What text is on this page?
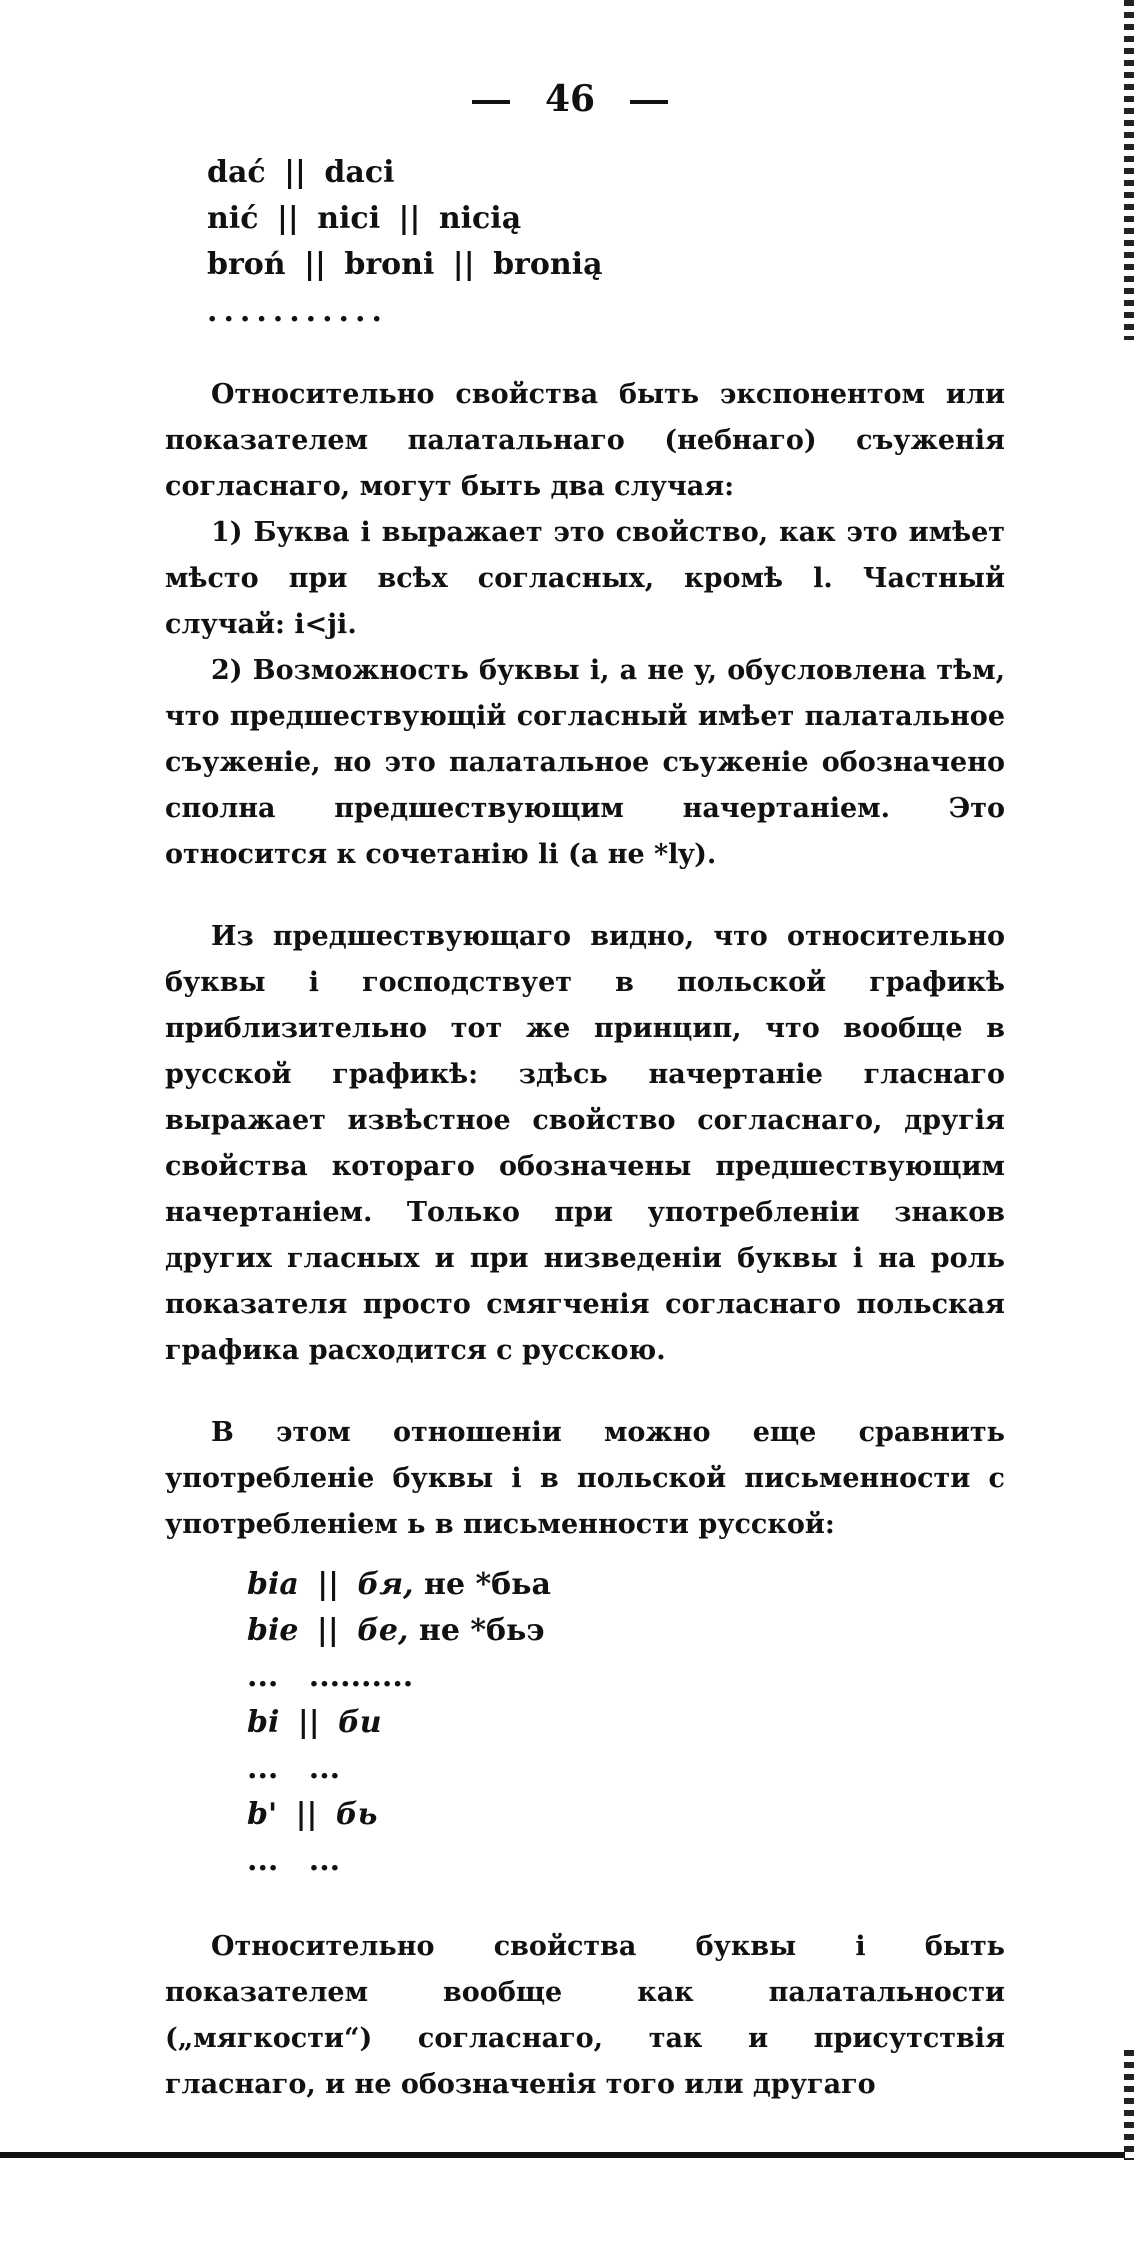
46
dać || daci
nić || nici || nicią
broń || broni || bronią
...........

Относительно свойства быть экспонентом или показателем палатальнаго (небнаго) съуженія согласнаго, могут быть два случая:

1) Буква i выражает это свойство, как это имѣет мѣсто при всѣх согласных, кромѣ l. Частный случай: i<ji.

2) Возможность буквы i, а не y, обусловлена тѣм, что предшествующій согласный имѣет палатальное съуженіе, но это палатальное съуженіе обозначено сполна предшествующим начертаніем. Это относится к сочетанію li (а не *ly).

Из предшествующаго видно, что относительно буквы i господствует в польской графикѣ приблизительно тот же принцип, что вообще в русской графикѣ: здѣсь начертаніе гласнаго выражает извѣстное свойство согласнаго, другія свойства котораго обозначены предшествующим начертаніем. Только при употребленіи знаков других гласных и при низведеніи буквы i на роль показателя просто смягченія согласнаго польская графика расходится с русскою.

В этом отношеніи можно еще сравнить употребленіе буквы i в польской письменности с употребленіем ь в письменности русской:

bia || бя, не *бьа
bie || бе, не *бьэ
... ..........
bi || би
... ...
b' || бь
... ...

Относительно свойства буквы i быть показателем вообще как палатальности („мягкости“) согласнаго, так и присутствія гласнаго, и не обозначенія того или другаго
